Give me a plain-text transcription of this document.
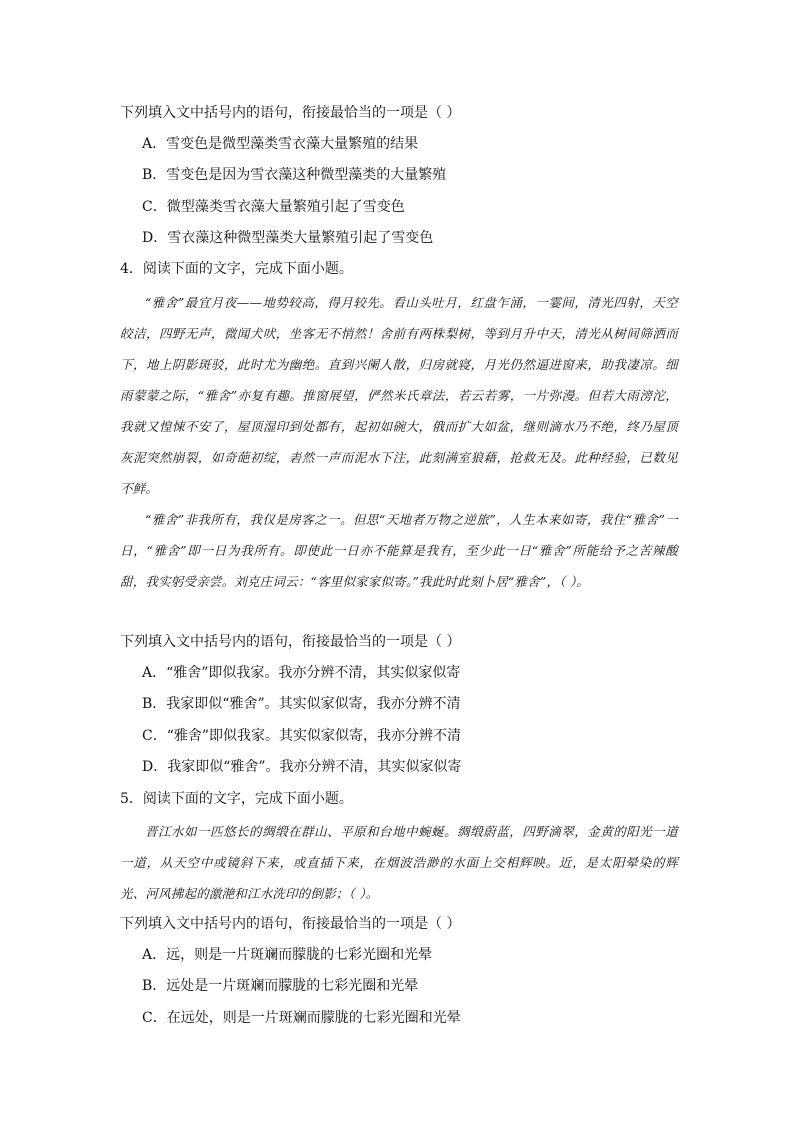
下列填入文中括号内的语句，衔接最恰当的一项是（ ）
A．雪变色是微型藻类雪衣藻大量繁殖的结果
B．雪变色是因为雪衣藻这种微型藻类的大量繁殖
C．微型藻类雪衣藻大量繁殖引起了雪变色
D．雪衣藻这种微型藻类大量繁殖引起了雪变色
4．阅读下面的文字，完成下面小题。

“雅舍”最宜月夜——地势较高，得月较先。看山头吐月，红盘乍涌，一霎间，清光四射，天空皎洁，四野无声，微闻犬吠，坐客无不悄然！舍前有两株梨树，等到月升中天，清光从树间筛洒而下，地上阴影斑驳，此时尤为幽绝。直到兴阑人散，归房就寝，月光仍然逼进窗来，助我凄凉。细雨蒙蒙之际，“雅舍”亦复有趣。推窗展望，俨然米氏章法，若云若雾，一片弥漫。但若大雨滂沱，我就又惶悚不安了，屋顶湿印到处都有，起初如碗大，俄而扩大如盆，继则滴水乃不绝，终乃屋顶灰泥突然崩裂，如奇葩初绽，砉然一声而泥水下注，此刻满室狼藉，抢救无及。此种经验，已数见不鲜。

“雅舍”非我所有，我仅是房客之一。但思“天地者万物之逆旅”，人生本来如寄，我住“雅舍”一日，“雅舍”即一日为我所有。即使此一日亦不能算是我有，至少此一日“雅舍”所能给予之苦辣酸甜，我实躬受亲尝。刘克庄词云：“客里似家家似寄。”我此时此刻卜居“雅舍”，（ ）。

下列填入文中括号内的语句，衔接最恰当的一项是（ ）
A．“雅舍”即似我家。我亦分辨不清，其实似家似寄
B．我家即似“雅舍”。其实似家似寄，我亦分辨不清
C．“雅舍”即似我家。其实似家似寄，我亦分辨不清
D．我家即似“雅舍”。我亦分辨不清，其实似家似寄
5．阅读下面的文字，完成下面小题。

晋江水如一匹悠长的绸缎在群山、平原和台地中蜿蜒。绸缎蔚蓝，四野滴翠，金黄的阳光一道一道，从天空中或镜斜下来，或直插下来，在烟波浩渺的水面上交相辉映。近，是太阳晕染的辉光、河风拂起的激滟和江水洗印的倒影；（ ）。

下列填入文中括号内的语句，衔接最恰当的一项是（ ）
A．远，则是一片斑斓而朦胧的七彩光圈和光晕
B．远处是一片斑斓而朦胧的七彩光圈和光晕
C．在远处，则是一片斑斓而朦胧的七彩光圈和光晕
